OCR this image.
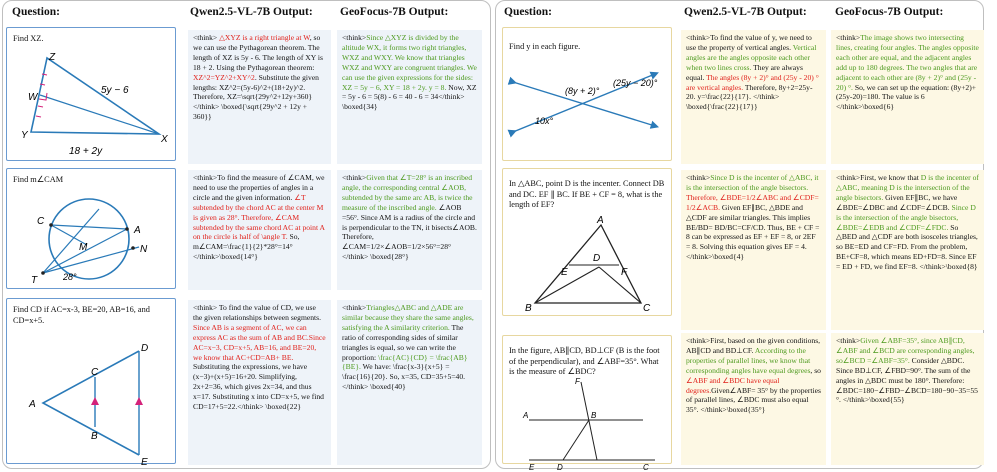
Question:	Qwen2.5-VL-7B Output: GeoFocus-7B Output:	Question:	Qwen2.5-VL-7B Output: GeoFocus-7B Output:
Find XZ.
Z
W
Y	X
5y − 6
18 + 2y
Find m∠CAM
C
M
A
N
T	28°
Find CD if AC=x-3, BE=20, AB=16, and CD=x+5.
A
B
C
D
E
Find y in each figure.
(8y + 2)°
(25y − 20)°
10x°
In △ABC, point D is the incenter. Connect DB and DC. EF ∥ BC. If BE + CF = 8, what is the length of EF?
A
B	C
D
E	F
In the figure, AB∥CD, BD⊥CF (B is the foot of the perpendicular), and ∠ABF=35°. What is the measure of ∠BDC?
F
A	B
E	D	C
<think> △XYZ is a right triangle at W, so we can use the Pythagorean theorem. The length of XZ is 5y - 6. The length of XY is 18 + 2. Using the Pythagorean theorem: XZ^2=YZ^2+XY^2. Substitute the given lengths: XZ^2=(5y-6)^2+(18+2y)^2. Therefore, XZ=\sqrt{29y^2+12y+360}</think> \boxed{\sqrt{29y^2 + 12y + 360}}
<think>Since △XYZ is divided by the altitude WX, it forms two right triangles, WXZ and WXY. We know that triangles WXZ and WXY are congruent triangles. We can use the given expressions for the sides: XZ = 5y − 6, XY = 18 + 2y. y = 8. Now, XZ = 5y - 6 = 5(8) - 6 = 40 - 6 = 34</think> \boxed{34}
<think>To find the measure of ∠CAM, we need to use the properties of angles in a circle and the given information. ∠T subtended by the chord AC at the center M is given as 28°. Therefore, ∠CAM subtended by the same chord AC at point A on the circle is half of \angle T. So, m∠CAM=\frac{1}{2}*28°=14° </think>\boxed{14°}
<think>Given that ∠T=28° is an inscribed angle, the corresponding central ∠AOB, subtended by the same arc AB, is twice the measure of the inscribed angle. ∠AOB =56°. Since AM is a radius of the circle and is perpendicular to the TN, it bisects∠AOB. Therefore, ∠CAM=1/2×∠AOB=1/2×56°=28° </think> \boxed{28°}
<think> To find the value of CD, we use the given relationships between segments. Since AB is a segment of AC, we can express AC as the sum of AB and BC.Since AC=x−3, CD=x+5, AB=16, and BE=20, we know that AC+CD=AB+ BE. Substituting the expressions, we have (x−3)+(x+5)=16+20. Simplifying, 2x+2=36, which gives 2x=34, and thus x=17. Substituting x into CD=x+5, we find CD=17+5=22.</think> \boxed{22}
<think>Triangles△ABC and △ADE are similar because they share the same angles, satisfying the A similarity criterion. The ratio of corresponding sides of similar triangles is equal, so we can write the proportion: \frac{AC}{CD} = \frac{AB}{BE}. We have: \frac{x-3}{x+5} = \frac{16}{20}. So, x=35, CD=35+5=40. </think> \boxed{40}
<think>To find the value of y, we need to use the property of vertical angles. Vertical angles are the angles opposite each other when two lines cross. They are always equal. The angles (8y + 2)° and (25y - 20) ° are vertical angles. Therefore, 8y+2=25y-20. y=\frac{22}{17}. </think> \boxed{\frac{22}{17}}
<think>The image shows two intersecting lines, creating four angles. The angles opposite each other are equal, and the adjacent angles add up to 180 degrees. The two angles that are adjacent to each other are (8y + 2)° and (25y - 20) °. So, we can set up the equation: (8y+2)+(25y-20)=180. The value is 6 </think>\boxed{6}
<think>Since D is the incenter of △ABC, it is the intersection of the angle bisectors. Therefore, ∠BDE=1/2∠ABC and ∠CDF= 1/2∠ACB. Given EF∥BC, △BDE and △CDF are similar triangles. This implies BE/BD= BD/BC=CF/CD. Thus, BE + CF = 8 can be expressed as EF + EF = 8, or 2EF = 8. Solving this equation gives EF = 4. </think>\boxed{4}
<think>First, we know that D is the incenter of △ABC, meaning D is the intersection of the angle bisectors. Given EF∥BC, we have ∠BDE=∠DBC and ∠CDF=∠DCB. Since D is the intersection of the angle bisectors, ∠BDE=∠EDB and ∠CDF=∠FDC. So △BED and △CDF are both isosceles triangles, so BE=ED and CF=FD. From the problem, BE+CF=8, which means ED+FD=8. Since EF = ED + FD, we find EF=8. </think>\boxed{8}
<think>First, based on the given conditions, AB∥CD and BD⊥CF. According to the properties of parallel lines, we know that corresponding angles have equal degrees, so ∠ABF and ∠BDC have equal degrees.Given∠ABF= 35° by the properties of parallel lines, ∠BDC must also equal 35°. </think>\boxed{35°}
<think>Given ∠ABF=35°, since AB∥CD, ∠ABF and ∠BCD are corresponding angles, so∠BCD =∠ABF=35°. Consider △BDC. Since BD⊥CF, ∠FBD=90°. The sum of the angles in △BDC must be 180°. Therefore: ∠BDC=180−∠FBD−∠BCD=180−90−35=55°. </think>\boxed{55}
